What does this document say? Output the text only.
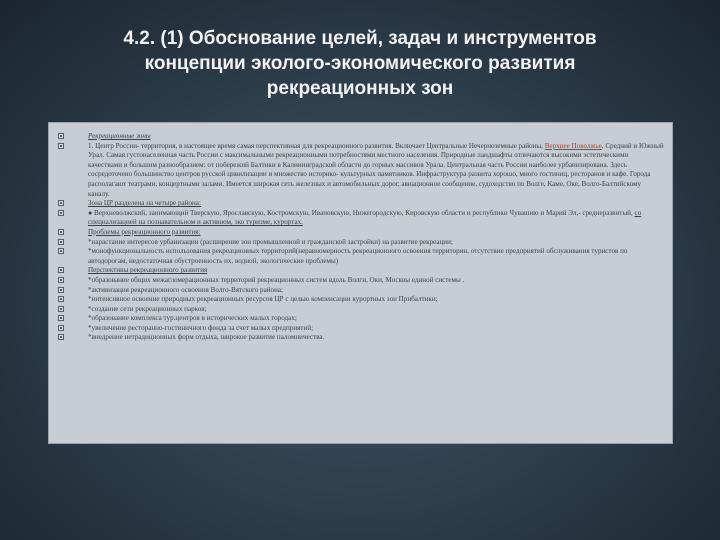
4.2. (1) Обоснование целей, задач и инструментов
концепции эколого-экономического развития
рекреационных зон
Рекреационные зоны
1. Центр России- территория, в настоящее время самая перспективная для рекреационного развития. Включает Центральные Нечерноземные районы, Верхнее Поволжье, Средний и Южный Урал. Самая густонаселенная часть России с максимальными рекреационными потребностями местного населения. Природные ландшафты отличаются высокими эстетическими качествами и большим разнообразием: от побережий Балтики в Калининградской области до горных массивов Урала. Центральная часть России наиболее урбанизирована. Здесь сосредоточено большинство центров русской цивилизации и множество историко- культурных памятников. Инфраструктура развита хорошо, много гостиниц, ресторанов и кафе. Города располагают театрами, концертными залами. Имеется широкая сеть железных и автомобильных дорог, авиационное сообщение, судоходство по Волге, Каме, Оке, Волго-Балтийскому каналу.
Зона ЦР разделена на четыре района:
● Верхневолжский, занимающий Тверскую, Ярославскую, Костромскую, Ивановскую, Нижегородскую, Кировскую области и республики Чувашию и Марий Эл,- среднеразвитый, со специализацией на познавательном и активном, эко туризме, курортах.
Проблемы рекреационного развития:
*нарастание интересов урбанизации (расширение зон промышленной и гражданской застройки) на развитие рекреации;
*монофункциональность использования рекреационных территорий(неравномерность рекреационного освоения территории, отсутствие предприятий обслуживания туристов по автодорогам, недостаточная обустроенность их, водной, экологические проблемы)
Перспективы рекреационного развития
*образование общих межагломерационных территорий рекреационных систем вдоль Волги, Оки, Москвы единой системы .
*активизация рекреационного освоения Волго-Вятского района;
*интенсивное освоение природных рекреационных ресурсов ЦР с целью компенсации курортных зон Прибалтики;
*создание сети рекреационных парков;
*образование комплекса тур.центров в исторических малых городах;
*увеличение ресторанно-гостиничного фонда за счет малых предприятий;
*внедрение нетрадиционных форм отдыха, широкое развитие паломничества.
